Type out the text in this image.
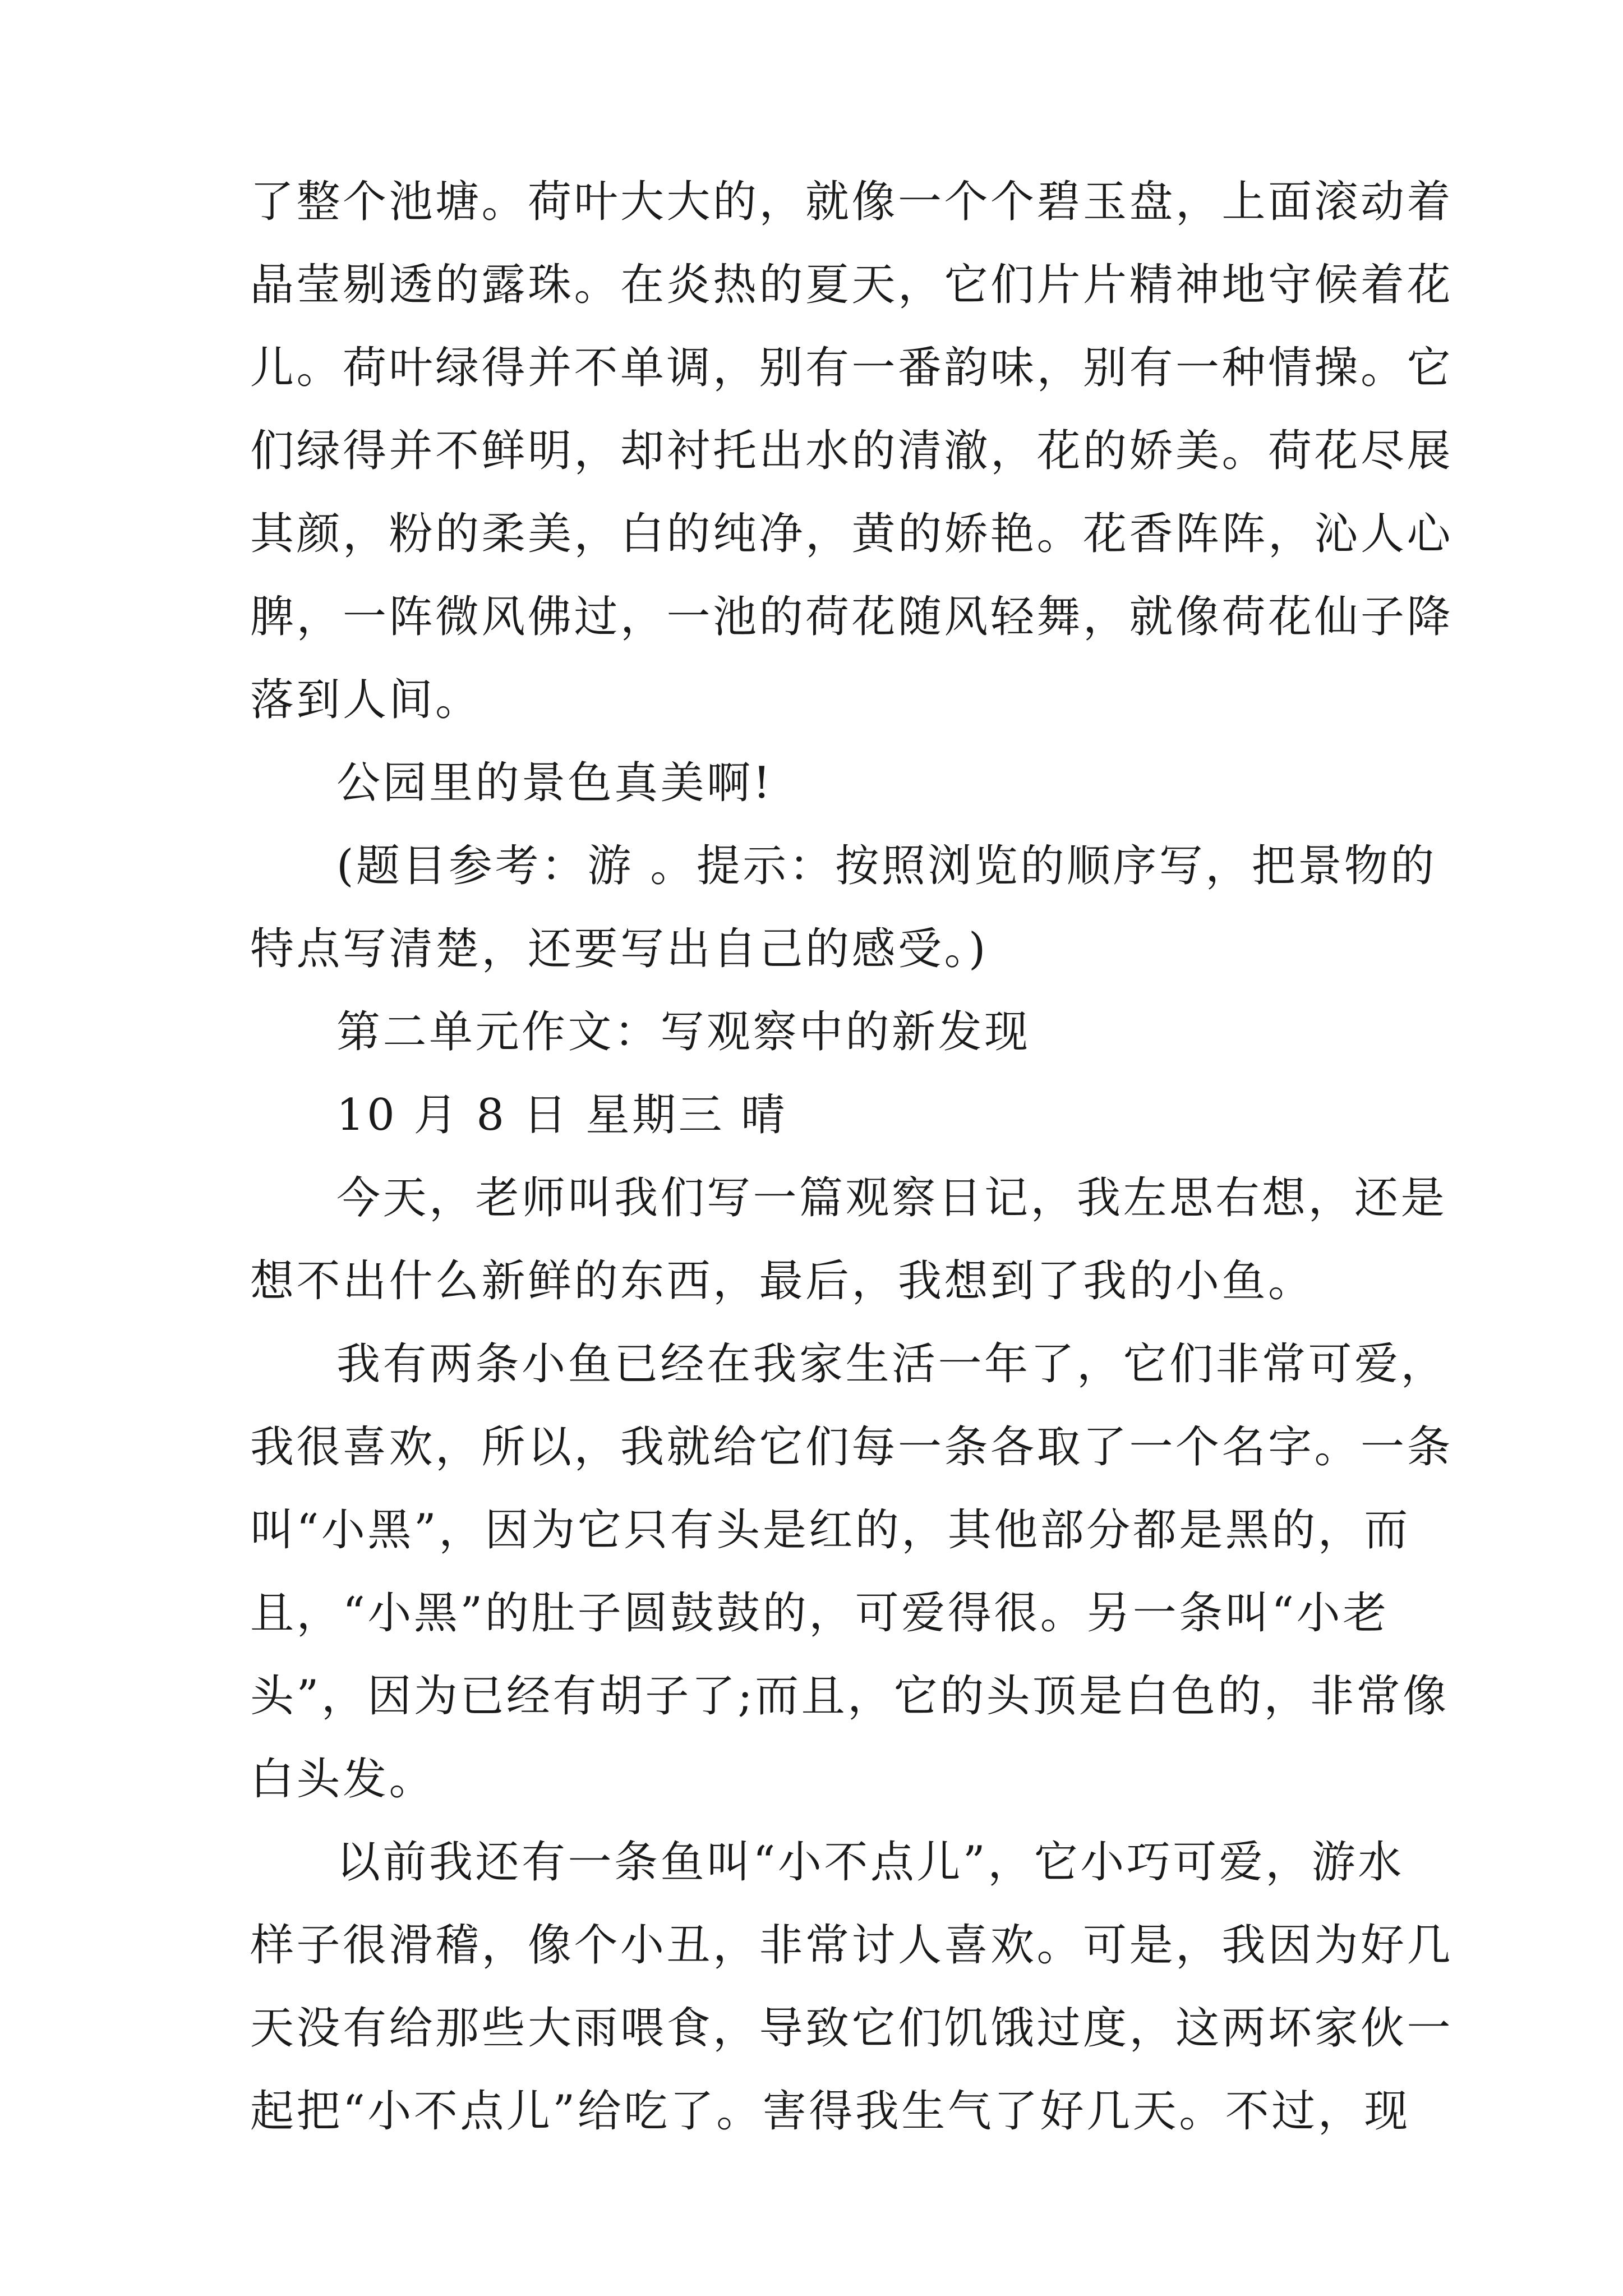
了整个池塘。荷叶大大的，就像一个个碧玉盘，上面滚动着
晶莹剔透的露珠。在炎热的夏天，它们片片精神地守候着花
儿。荷叶绿得并不单调，别有一番韵味，别有一种情操。它
们绿得并不鲜明，却衬托出水的清澈，花的娇美。荷花尽展
其颜，粉的柔美，白的纯净，黄的娇艳。花香阵阵，沁人心
脾，一阵微风佛过，一池的荷花随风轻舞，就像荷花仙子降
落到人间。
公园里的景色真美啊!
(题目参考：游 。提示：按照浏览的顺序写，把景物的
特点写清楚，还要写出自己的感受。)
第二单元作文：写观察中的新发现
10 月 8 日 星期三 晴
今天，老师叫我们写一篇观察日记，我左思右想，还是
想不出什么新鲜的东西，最后，我想到了我的小鱼。
我有两条小鱼已经在我家生活一年了，它们非常可爱，
我很喜欢，所以，我就给它们每一条各取了一个名字。一条
叫“小黑”，因为它只有头是红的，其他部分都是黑的，而
且，“小黑”的肚子圆鼓鼓的，可爱得很。另一条叫“小老
头”，因为已经有胡子了;而且，它的头顶是白色的，非常像
白头发。
以前我还有一条鱼叫“小不点儿”，它小巧可爱，游水
样子很滑稽，像个小丑，非常讨人喜欢。可是，我因为好几
天没有给那些大雨喂食，导致它们饥饿过度，这两坏家伙一
起把“小不点儿”给吃了。害得我生气了好几天。不过，现
